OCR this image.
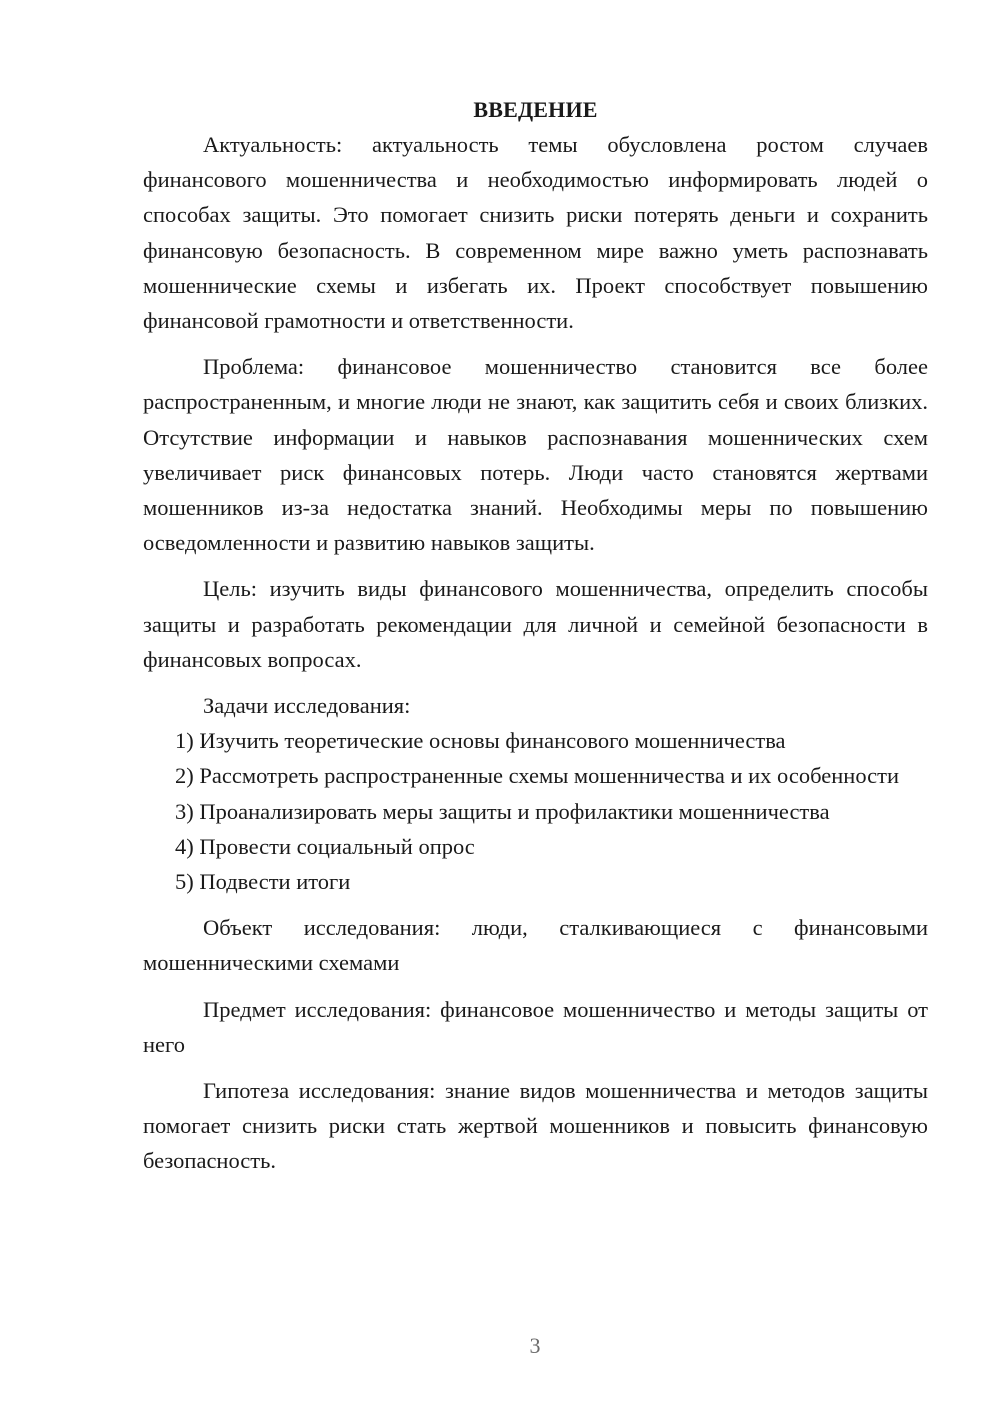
ВВЕДЕНИЕ

Актуальность: актуальность темы обусловлена ростом случаев финансового мошенничества и необходимостью информировать людей о способах защиты. Это помогает снизить риски потерять деньги и сохранить финансовую безопасность. В современном мире важно уметь распознавать мошеннические схемы и избегать их. Проект способствует повышению финансовой грамотности и ответственности.

Проблема: финансовое мошенничество становится все более распространенным, и многие люди не знают, как защитить себя и своих близких. Отсутствие информации и навыков распознавания мошеннических схем увеличивает риск финансовых потерь. Люди часто становятся жертвами мошенников из-за недостатка знаний. Необходимы меры по повышению осведомленности и развитию навыков защиты.

Цель: изучить виды финансового мошенничества, определить способы защиты и разработать рекомендации для личной и семейной безопасности в финансовых вопросах.

Задачи исследования:

1) Изучить теоретические основы финансового мошенничества

2) Рассмотреть распространенные схемы мошенничества и их особенности

3) Проанализировать меры защиты и профилактики мошенничества

4) Провести социальный опрос

5) Подвести итоги

Объект исследования: люди, сталкивающиеся с финансовыми мошенническими схемами

Предмет исследования: финансовое мошенничество и методы защиты от него

Гипотеза исследования: знание видов мошенничества и методов защиты помогает снизить риски стать жертвой мошенников и повысить финансовую безопасность.

3
